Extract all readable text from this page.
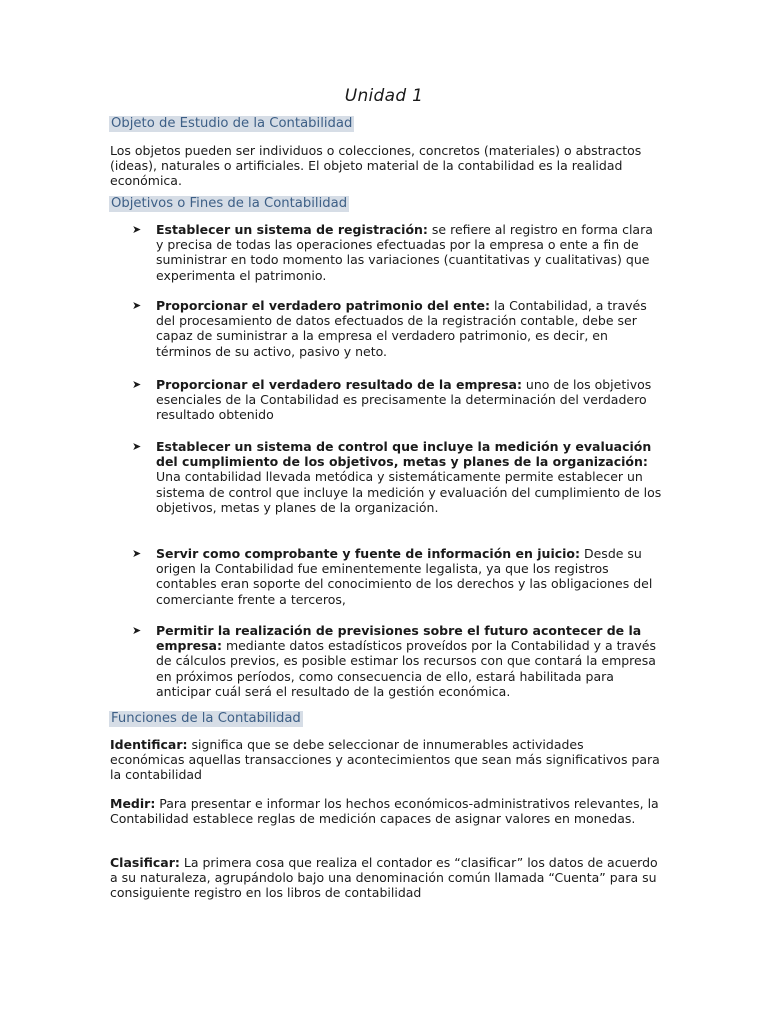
Unidad 1
Objeto de Estudio de la Contabilidad
Los objetos pueden ser individuos o colecciones, concretos (materiales) o abstractos (ideas), naturales o artificiales. El objeto material de la contabilidad es la realidad económica.
Objetivos o Fines de la Contabilidad
➤ Establecer un sistema de registración: se refiere al registro en forma clara y precisa de todas las operaciones efectuadas por la empresa o ente a fin de suministrar en todo momento las variaciones (cuantitativas y cualitativas) que experimenta el patrimonio.
➤ Proporcionar el verdadero patrimonio del ente: la Contabilidad, a través del procesamiento de datos efectuados de la registración contable, debe ser capaz de suministrar a la empresa el verdadero patrimonio, es decir, en términos de su activo, pasivo y neto.
➤ Proporcionar el verdadero resultado de la empresa: uno de los objetivos esenciales de la Contabilidad es precisamente la determinación del verdadero resultado obtenido
➤ Establecer un sistema de control que incluye la medición y evaluación del cumplimiento de los objetivos, metas y planes de la organización: Una contabilidad llevada metódica y sistemáticamente permite establecer un sistema de control que incluye la medición y evaluación del cumplimiento de los objetivos, metas y planes de la organización.
➤ Servir como comprobante y fuente de información en juicio: Desde su origen la Contabilidad fue eminentemente legalista, ya que los registros contables eran soporte del conocimiento de los derechos y las obligaciones del comerciante frente a terceros,
➤ Permitir la realización de previsiones sobre el futuro acontecer de la empresa: mediante datos estadísticos proveídos por la Contabilidad y a través de cálculos previos, es posible estimar los recursos con que contará la empresa en próximos períodos, como consecuencia de ello, estará habilitada para anticipar cuál será el resultado de la gestión económica.
Funciones de la Contabilidad
Identificar: significa que se debe seleccionar de innumerables actividades económicas aquellas transacciones y acontecimientos que sean más significativos para la contabilidad
Medir: Para presentar e informar los hechos económicos-administrativos relevantes, la Contabilidad establece reglas de medición capaces de asignar valores en monedas.
Clasificar: La primera cosa que realiza el contador es “clasificar” los datos de acuerdo a su naturaleza, agrupándolo bajo una denominación común llamada “Cuenta” para su consiguiente registro en los libros de contabilidad
